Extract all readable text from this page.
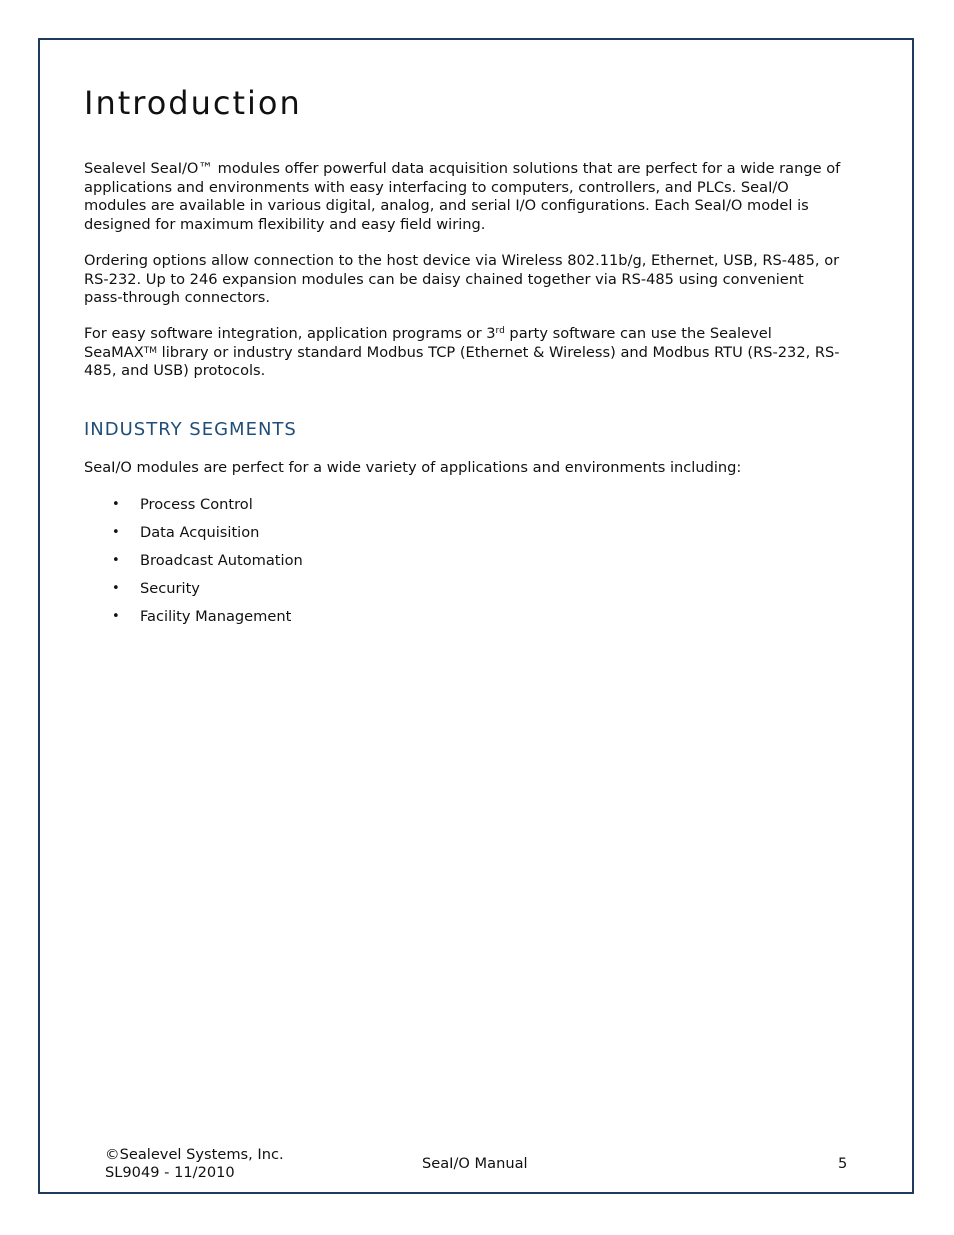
Introduction

Sealevel SeaI/O™ modules offer powerful data acquisition solutions that are perfect for a wide range of applications and environments with easy interfacing to computers, controllers, and PLCs. SeaI/O modules are available in various digital, analog, and serial I/O configurations. Each SeaI/O model is designed for maximum flexibility and easy field wiring.

Ordering options allow connection to the host device via Wireless 802.11b/g, Ethernet, USB, RS-485, or RS-232. Up to 246 expansion modules can be daisy chained together via RS-485 using convenient pass-through connectors.

For easy software integration, application programs or 3rd party software can use the Sealevel SeaMAX™ library or industry standard Modbus TCP (Ethernet & Wireless) and Modbus RTU (RS-232, RS-485, and USB) protocols.

INDUSTRY SEGMENTS

SeaI/O modules are perfect for a wide variety of applications and environments including:

• Process Control
• Data Acquisition
• Broadcast Automation
• Security
• Facility Management
©Sealevel Systems, Inc.
SL9049 - 11/2010
SeaI/O Manual	5
